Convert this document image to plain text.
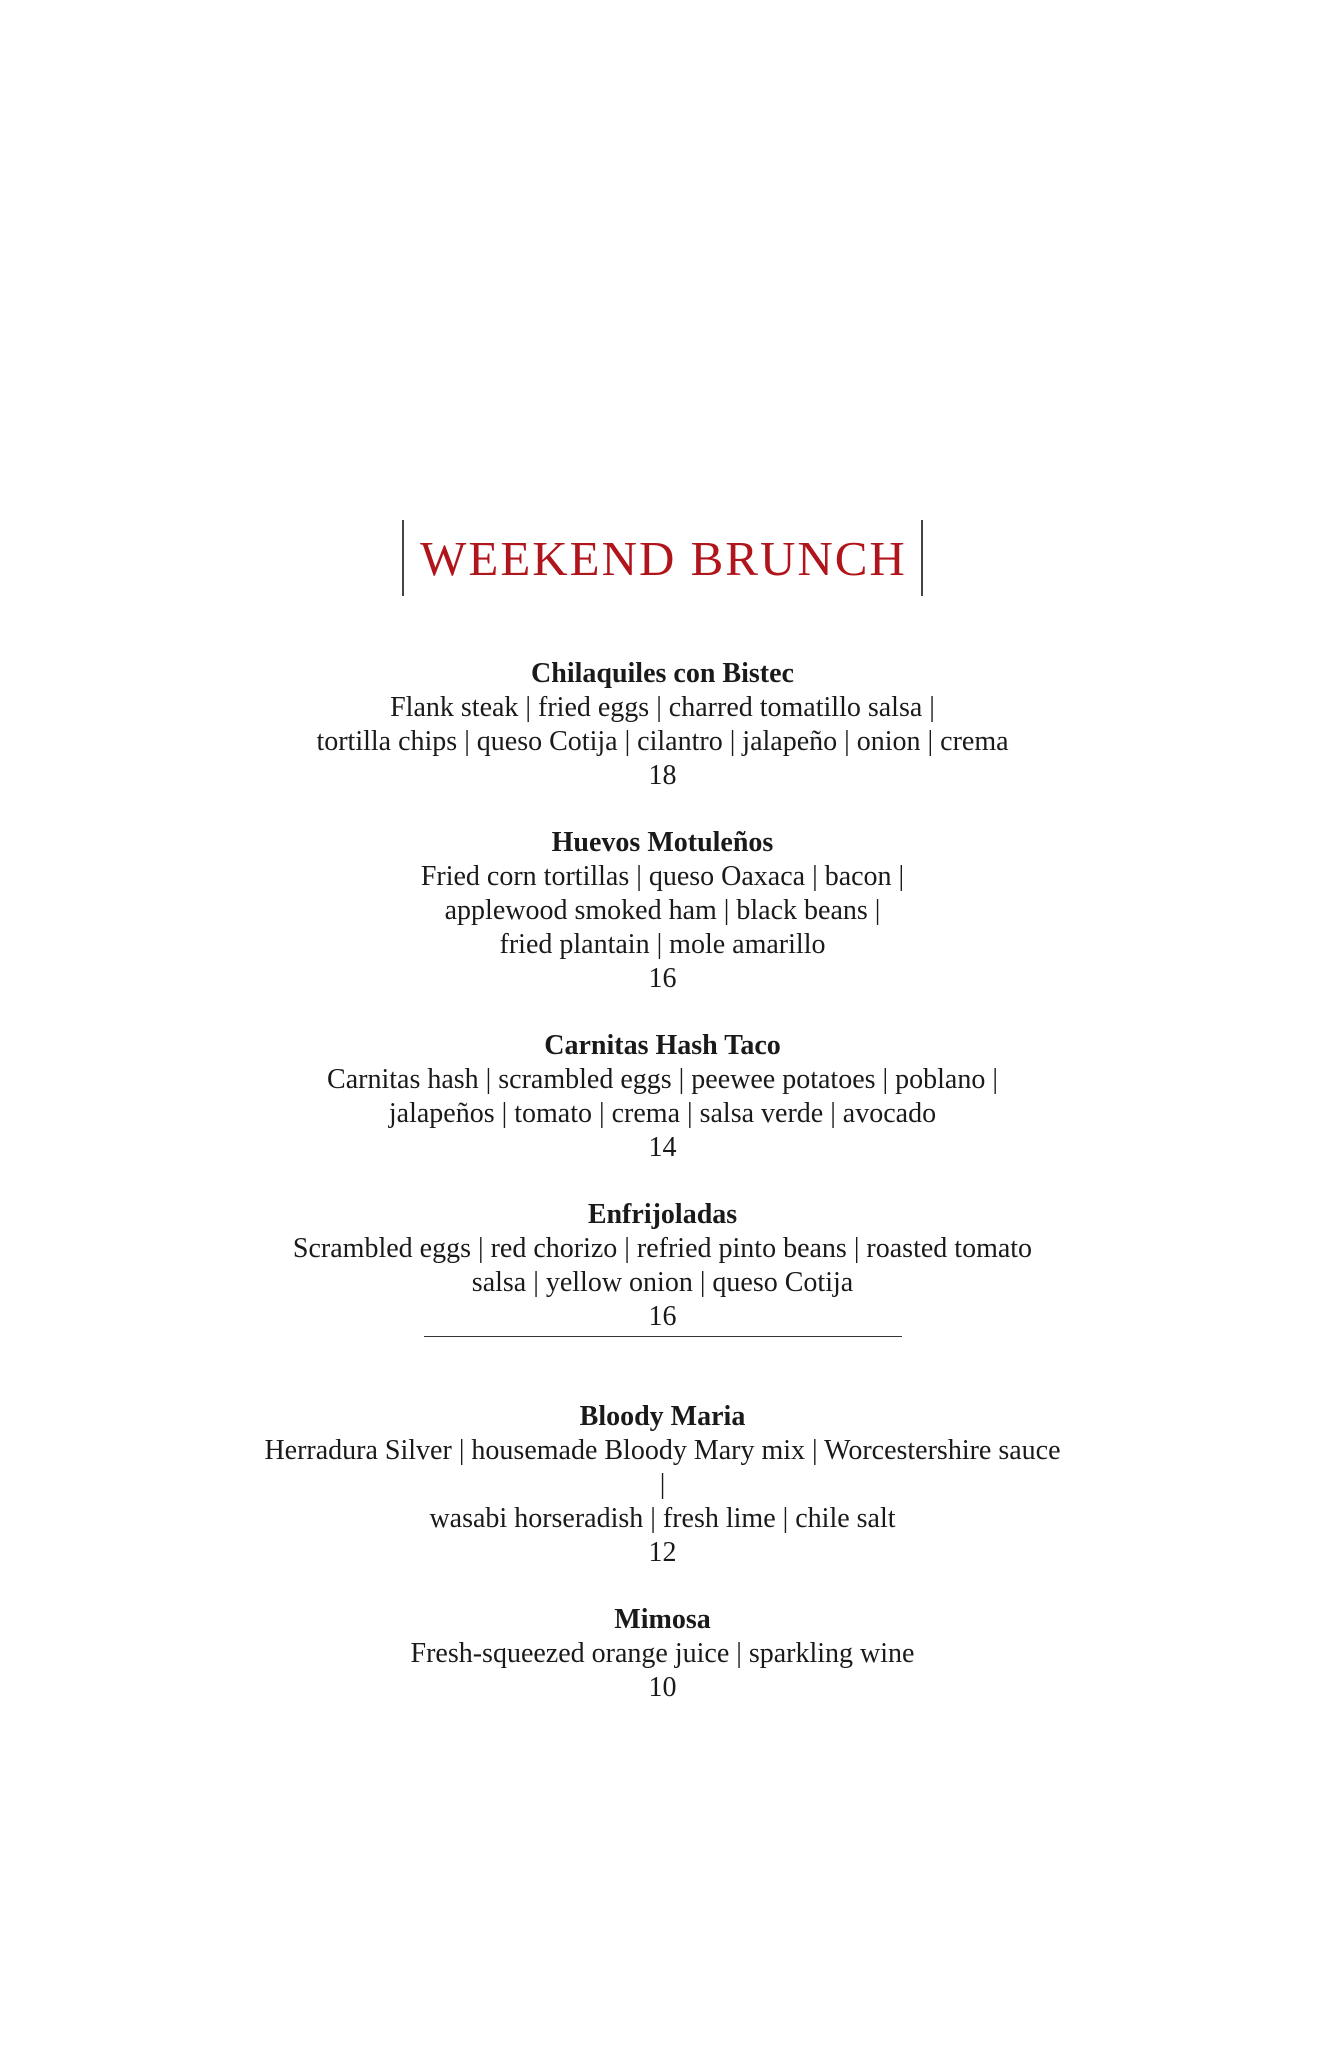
WEEKEND BRUNCH
Chilaquiles con Bistec
Flank steak | fried eggs | charred tomatillo salsa |
tortilla chips | queso Cotija | cilantro | jalapeño | onion | crema
18
Huevos Motuleños
Fried corn tortillas | queso Oaxaca | bacon |
applewood smoked ham | black beans |
fried plantain | mole amarillo
16
Carnitas Hash Taco
Carnitas hash | scrambled eggs | peewee potatoes | poblano |
jalapeños | tomato | crema | salsa verde | avocado
14
Enfrijoladas
Scrambled eggs | red chorizo | refried pinto beans | roasted tomato
salsa | yellow onion | queso Cotija
16
Bloody Maria
Herradura Silver | housemade Bloody Mary mix | Worcestershire sauce
|
wasabi horseradish | fresh lime | chile salt
12
Mimosa
Fresh-squeezed orange juice | sparkling wine
10
